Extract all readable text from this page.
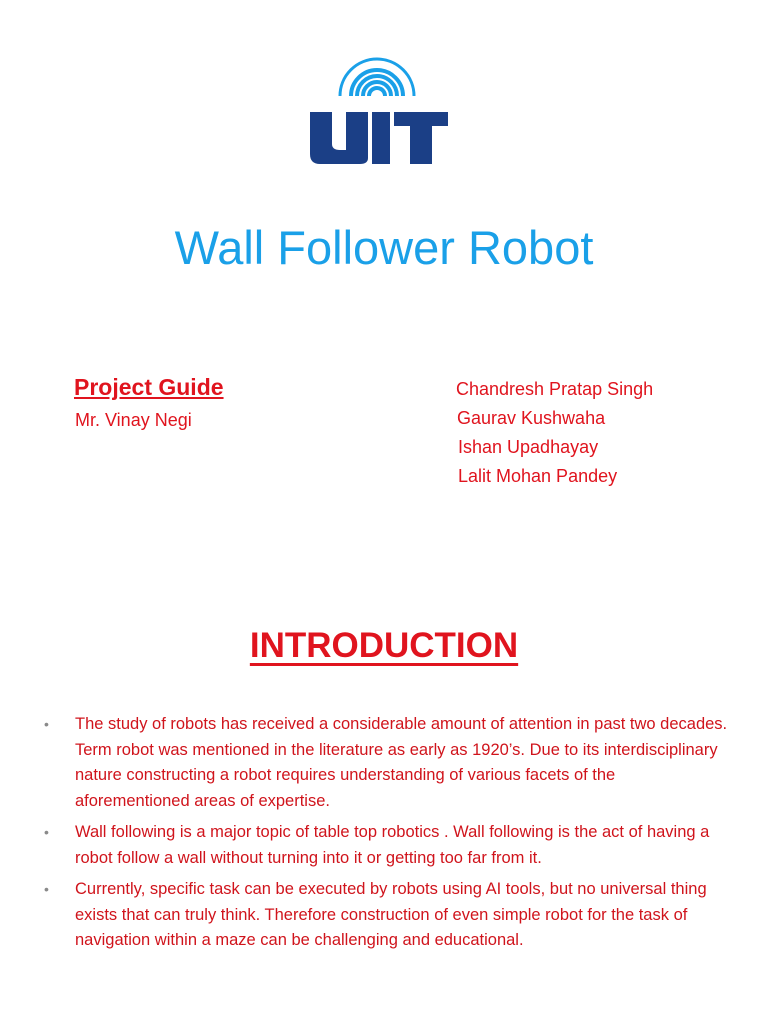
Wall Follower Robot
Project Guide
Mr. Vinay Negi
Chandresh Pratap Singh
Gaurav Kushwaha
Ishan Upadhayay
Lalit Mohan Pandey
INTRODUCTION
•	The study of robots has received a considerable amount of attention in past two decades. Term robot was mentioned in the literature as early as 1920’s. Due to its interdisciplinary nature constructing a robot requires understanding of various facets of the aforementioned areas of expertise.
•	Wall following is a major topic of table top robotics . Wall following is the act of having a robot follow a wall without turning into it or getting too far from it.
•	Currently, specific task can be executed by robots using AI tools, but no universal thing exists that can truly think. Therefore construction of even simple robot for the task of navigation within a maze can be challenging and educational.
